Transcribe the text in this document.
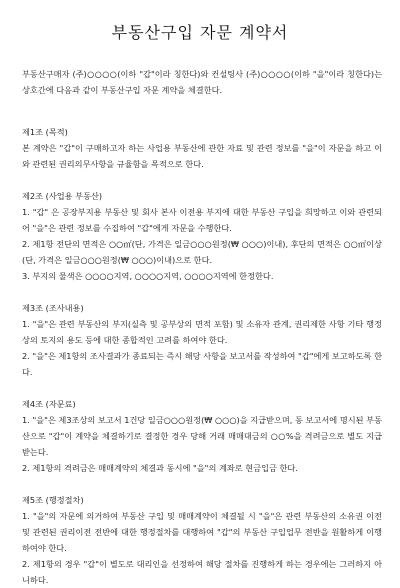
부동산구입 자문 계약서

부동산구매자 (주)○○○○(이하 "갑"이라 칭한다)와 컨설팅사 (주)○○○○(이하 "을"이라 칭한다)는 상호간에 다음과 같이 부동산구입 자문 계약을 체결한다.

제1조 (목적)

본 계약은 "갑"이 구매하고자 하는 사업용 부동산에 관한 자료 및 관련 정보를 "을"이 자문을 하고 이와 관련된 권리의무사항을 규율함을 목적으로 한다.

제2조 (사업용 부동산)

1. "갑" 은 공장부지용 부동산 및 회사 본사 이전용 부지에 대한 부동산 구입을 희망하고 이와 관련되어 "을"은 관련 정보를 수집하여 "갑"에게 자문을 수행한다.

2. 제1항 전단의 면적은 ○○㎡(단, 가격은 일금○○○원정(₩ ○○○)이내), 후단의 면적은 ○○㎡이상(단, 가격은 일금○○○원정(₩ ○○○)이내)으로 한다.

3. 부지의 물색은 ○○○○지역, ○○○○지역, ○○○○지역에 한정한다.

제3조 (조사내용)

1. "을"은 관련 부동산의 부지(실측 및 공부상의 면적 포함) 및 소유자 관계, 권리제한 사항 기타 행정상의 토지의 용도 등에 대한 종합적인 고려를 하여야 한다.

2. "을"은 제1항의 조사결과가 종료되는 즉시 해당 사항을 보고서를 작성하여 "갑"에게 보고하도록 한다.

제4조 (자문료)

1. "을"은 제3조상의 보고서 1건당 일금○○○원정(₩ ○○○)을 지급받으며, 동 보고서에 명시된 부동산으로 "갑"이 계약을 체결하기로 결정한 경우 당해 거래 매매대금의 ○○%을 격려금으로 별도 지급받는다.

2. 제1항의 격려금은 매매계약의 체결과 동시에 "을"의 계좌로 현금입금 한다.

제5조 (행정절차)

1. "을"의 자문에 의거하여 부동산 구입 및 매매계약이 체결될 시 "을"은 관련 부동산의 소유권 이전 및 관련된 권리이전 전반에 대한 행정절차를 대행하여 "갑"의 부동산 구입업무 전반을 원활하게 이행하여야 한다.

2. 제1항의 경우 "갑"이 별도로 대리인을 선정하여 해당 절차를 진행하게 하는 경우에는 그러하지 아니하다.
